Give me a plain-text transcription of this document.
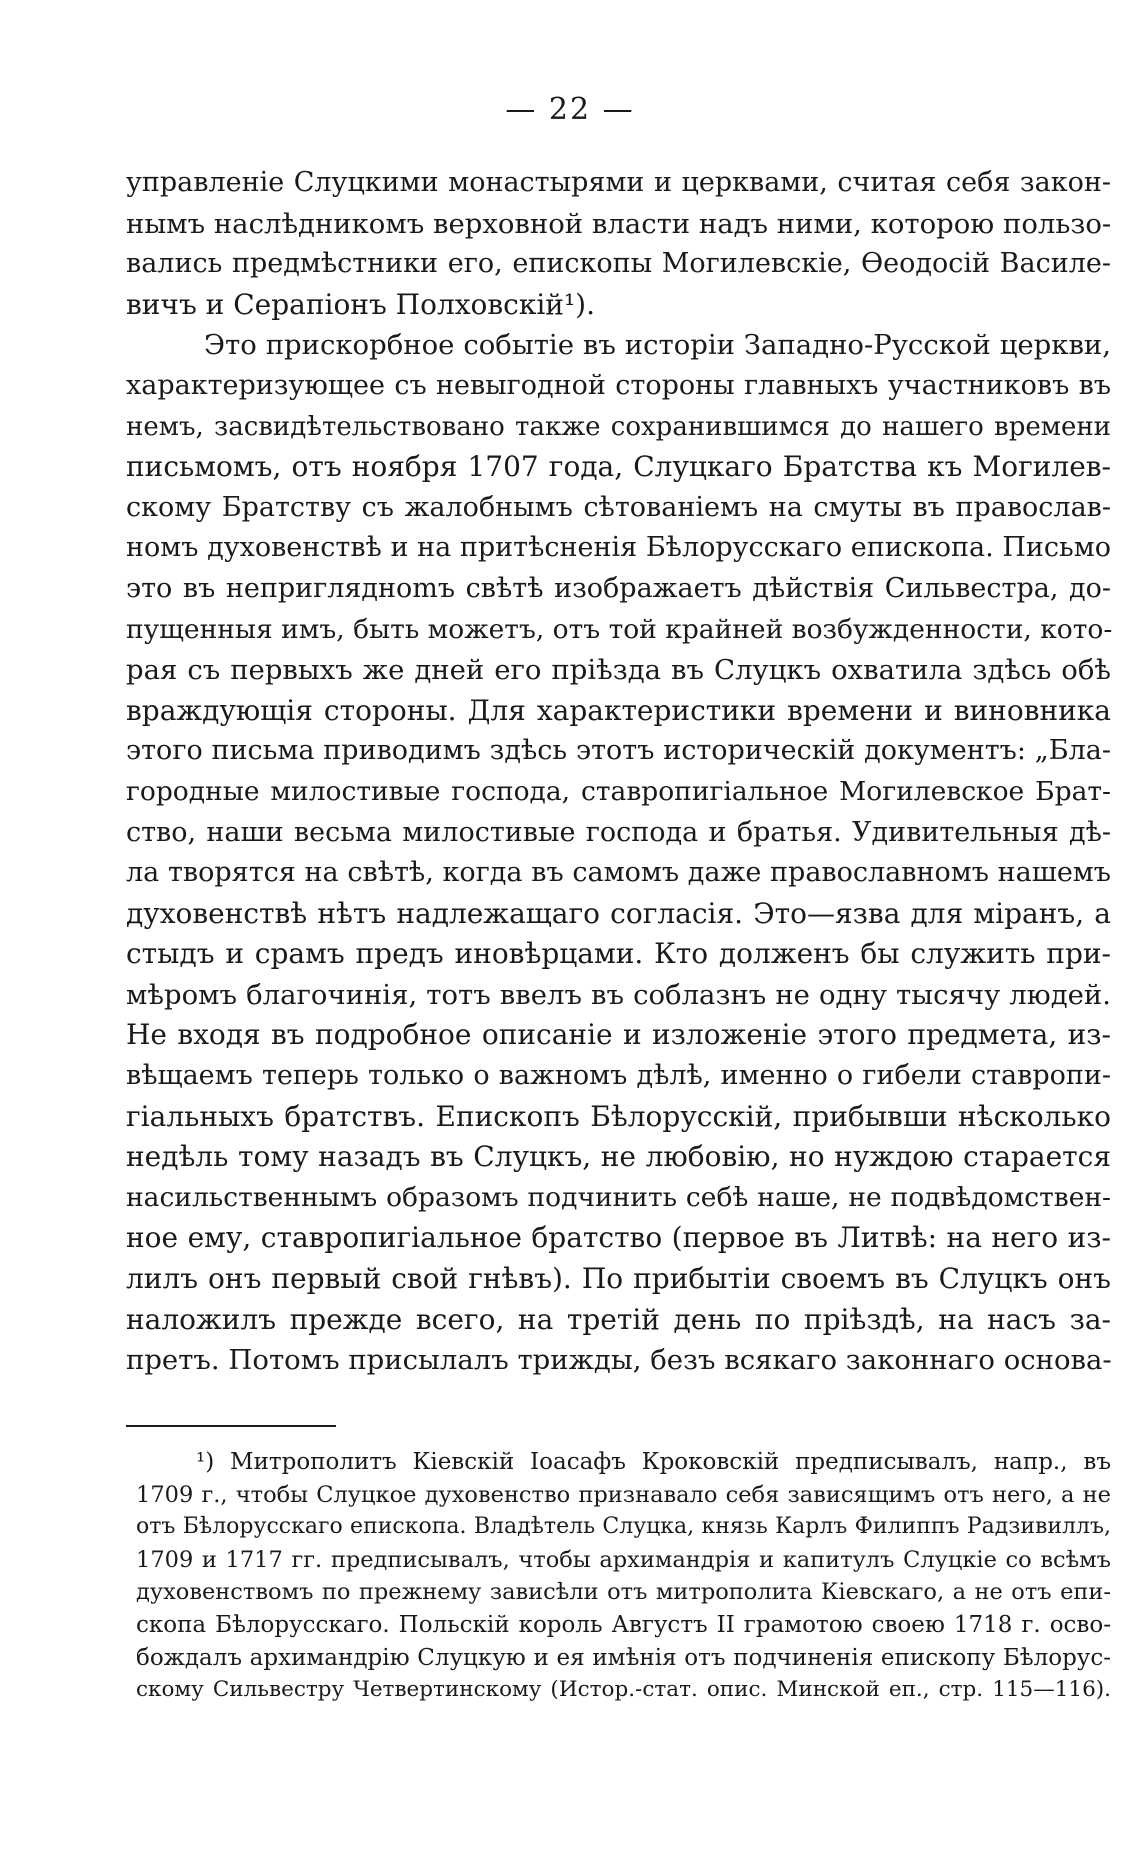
— 22 —
управленіе Слуцкими монастырями и церквами, считая себя закон-
нымъ наслѣдникомъ верховной власти надъ ними, которою пользо-
вались предмѣстники его, епископы Могилевскіе, Ѳеодосій Василе-
вичъ и Серапіонъ Полховскій¹).
Это прискорбное событіе въ исторіи Западно-Русской церкви,
характеризующее съ невыгодной стороны главныхъ участниковъ въ
немъ, засвидѣтельствовано также сохранившимся до нашего времени
письмомъ, отъ ноября 1707 года, Слуцкаго Братства къ Могилев-
скому Братству съ жалобнымъ сѣтованіемъ на смуты въ православ-
номъ духовенствѣ и на притѣсненія Бѣлорусскаго епископа. Письмо
это въ непригляднomъ свѣтѣ изображаетъ дѣйствія Сильвестра, до-
пущенныя имъ, быть можетъ, отъ той крайней возбужденности, кото-
рая съ первыхъ же дней его пріѣзда въ Слуцкъ охватила здѣсь обѣ
враждующія стороны. Для характеристики времени и виновника
этого письма приводимъ здѣсь этотъ историческій документъ: „Бла-
городные милостивые господа, ставропигіальное Могилевское Брат-
ство, наши весьма милостивые господа и братья. Удивительныя дѣ-
ла творятся на свѣтѣ, когда въ самомъ даже православномъ нашемъ
духовенствѣ нѣтъ надлежащаго согласія. Это—язва для міранъ, а
стыдъ и срамъ предъ иновѣрцами. Кто долженъ бы служить при-
мѣромъ благочинія, тотъ ввелъ въ соблазнъ не одну тысячу людей.
Не входя въ подробное описаніе и изложеніе этого предмета, из-
вѣщаемъ теперь только о важномъ дѣлѣ, именно о гибели ставропи-
гіальныхъ братствъ. Епископъ Бѣлорусскій, прибывши нѣсколько
недѣль тому назадъ въ Слуцкъ, не любовію, но нуждою старается
насильственнымъ образомъ подчинить себѣ наше, не подвѣдомствен-
ное ему, ставропигіальное братство (первое въ Литвѣ: на него из-
лилъ онъ первый свой гнѣвъ). По прибытіи своемъ въ Слуцкъ онъ
наложилъ прежде всего, на третій день по пріѣздѣ, на насъ за-
претъ. Потомъ присылалъ трижды, безъ всякаго законнаго основа-
¹) Митрополитъ Кіевскій Іоасафъ Кроковскій предписывалъ, напр., въ
1709 г., чтобы Слуцкое духовенство признавало себя зависящимъ отъ него, а не
отъ Бѣлорусскаго епископа. Владѣтель Слуцка, князь Карлъ Филиппъ Радзивиллъ,
1709 и 1717 гг. предписывалъ, чтобы архимандрія и капитулъ Слуцкіе со всѣмъ
духовенствомъ по прежнему зависѣли отъ митрополита Кіевскаго, а не отъ епи-
скопа Бѣлорусскаго. Польскій король Августъ II грамотою своею 1718 г. осво-
бождалъ архимандрію Слуцкую и ея имѣнія отъ подчиненія епископу Бѣлорус-
скому Сильвестру Четвертинскому (Истор.-стат. опис. Минской еп., стр. 115—116).
